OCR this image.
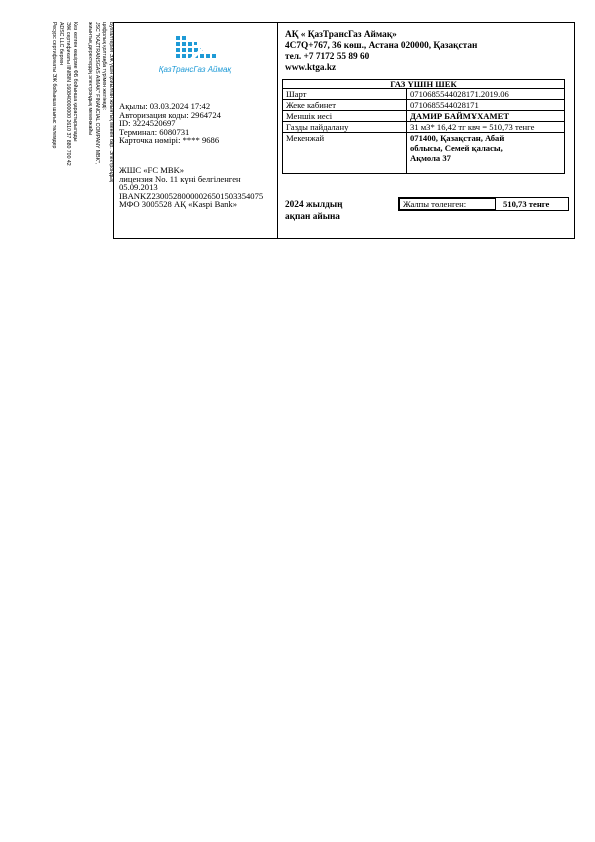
Бухгалтерия ЭЖ үшін қойылған жиынтық менен бар. Электрондық
цифрлық қолтаңба түрімен желінеді:
JSC "KAZTRANSGAS AIMAK" FINANCIAL COMPANY MBK",
жиынтық деректердің электрондық мекенжайы
Кез келген көшірме ФБ бойынша қарастырылады
ЭЖ сертификаты IIN/BIN 160840000000 2610 37 880 700 42
ADSC LLC берген
Ресурс сертификаты ЭЖ бойынша шығыс төлемдер	ҚазТрансГаз Аймақ
Ақылы: 03.03.2024 17:42
Авторизация коды: 2964724
ID: 3224520697
Терминал: 6080731
Карточка нөмірі: **** 9686
ЖШС «FC MBK»
лицензия No. 11 күні белгіленген
05.09.2013
IBANKZ230052800000265015033540​75
МФО 3005528 АҚ «Kaspi Bank»
АҚ « ҚазТрансГаз Аймақ»
4С7Q+767, 36 көш., Астана 020000, Қазақстан
тел. +7 7172 55 89 60
www.ktga.kz
ГАЗ ҮШІН ШЕК
Шарт	0710685544028171.2019.06
Жеке кабинет	0710685544028171
Меншік иесі	ДАМИР БАЙМҰХАМЕТ
Газды пайдалану	31 м3* 16,42 тг квч = 510,73 тенге
Мекенжай	071400, Қазақстан, Абай
облысы, Семей қаласы,
Ақмола 37
2024 жылдың
ақпан айына
Жалпы төленген:	510,73 тенге
